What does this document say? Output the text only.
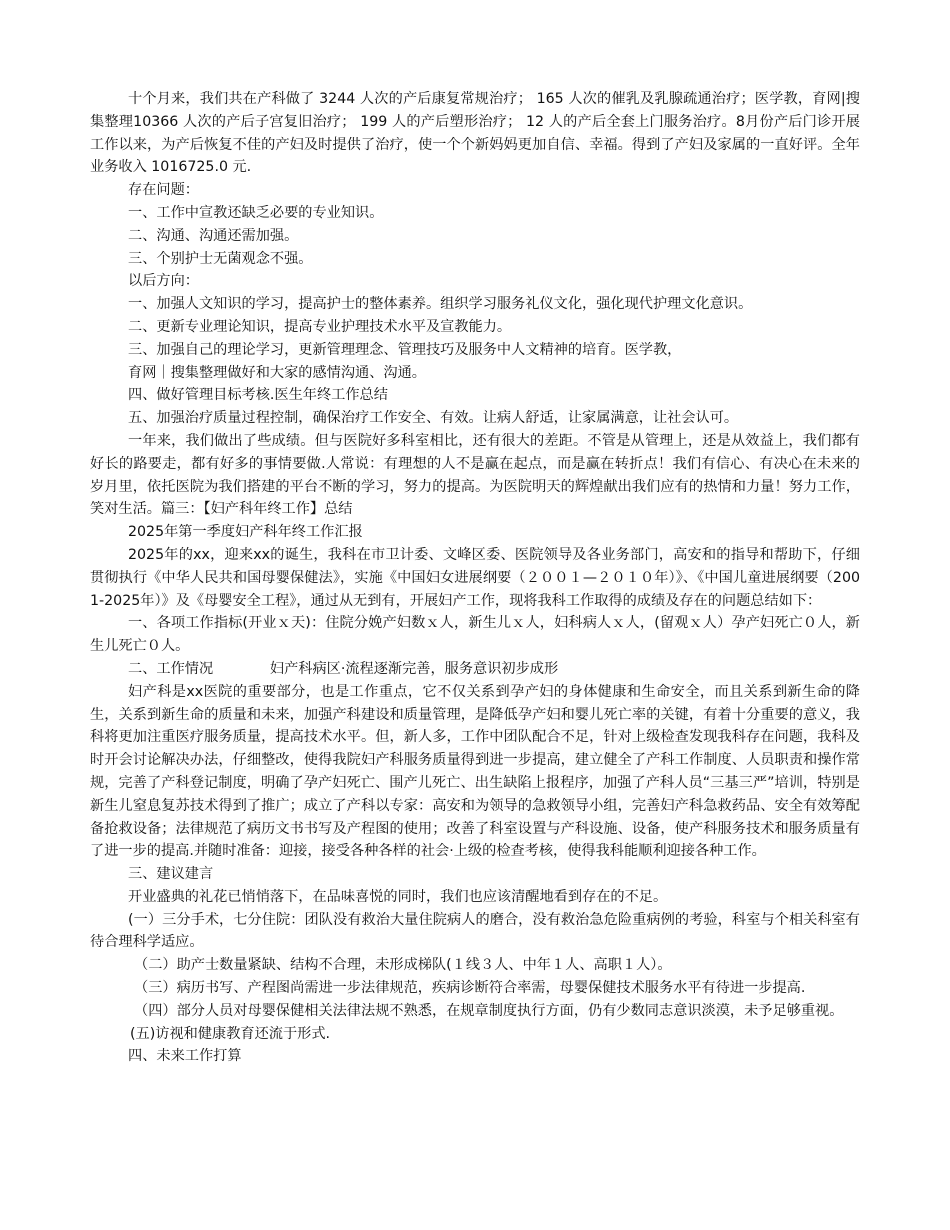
十个月来，我们共在产科做了 3244 人次的产后康复常规治疗； 165 人次的催乳及乳腺疏通治疗；医学教，育网|搜集整理10366 人次的产后子宫复旧治疗； 199 人的产后塑形治疗； 12 人的产后全套上门服务治疗。8月份产后门诊开展工作以来，为产后恢复不佳的产妇及时提供了治疗，使一个个新妈妈更加自信、幸福。得到了产妇及家属的一直好评。全年业务收入 1016725.0 元.

存在问题：

一、工作中宣教还缺乏必要的专业知识。

二、沟通、沟通还需加强。

三、个别护士无菌观念不强。

以后方向：

一、加强人文知识的学习，提高护士的整体素养。组织学习服务礼仪文化，强化现代护理文化意识。

二、更新专业理论知识，提高专业护理技术水平及宣教能力。

三、加强自己的理论学习，更新管理理念、管理技巧及服务中人文精神的培育。医学教，

育网｜搜集整理做好和大家的感情沟通、沟通。

四、做好管理目标考核.医生年终工作总结

五、加强治疗质量过程控制，确保治疗工作安全、有效。让病人舒适，让家属满意，让社会认可。

一年来，我们做出了些成绩。但与医院好多科室相比，还有很大的差距。不管是从管理上，还是从效益上，我们都有好长的路要走，都有好多的事情要做.人常说：有理想的人不是赢在起点，而是赢在转折点！我们有信心、有决心在未来的岁月里，依托医院为我们搭建的平台不断的学习，努力的提高。为医院明天的辉煌献出我们应有的热情和力量！努力工作，笑对生活。篇三：【妇产科年终工作】总结

2025年第一季度妇产科年终工作汇报

2025年的xx，迎来xx的诞生，我科在市卫计委、文峰区委、医院领导及各业务部门，高安和的指导和帮助下，仔细贯彻执行《中华人民共和国母婴保健法》，实施《中国妇女进展纲要（２００１—２０１０年）》、《中国儿童进展纲要（2001-2025年）》及《母婴安全工程》，通过从无到有，开展妇产工作，现将我科工作取得的成绩及存在的问题总结如下：

一、各项工作指标(开业ｘ天)：住院分娩产妇数ｘ人，新生儿ｘ人，妇科病人ｘ人，(留观ｘ人）孕产妇死亡０人，新生儿死亡０人。

二、工作情况　　　　妇产科病区·流程逐渐完善，服务意识初步成形

妇产科是xx医院的重要部分，也是工作重点，它不仅关系到孕产妇的身体健康和生命安全，而且关系到新生命的降生，关系到新生命的质量和未来，加强产科建设和质量管理，是降低孕产妇和婴儿死亡率的关键，有着十分重要的意义，我科将更加注重医疗服务质量，提高技术水平。但，新人多，工作中团队配合不足，针对上级检查发现我科存在问题，我科及时开会讨论解决办法，仔细整改，使得我院妇产科服务质量得到进一步提高，建立健全了产科工作制度、人员职责和操作常规，完善了产科登记制度，明确了孕产妇死亡、围产儿死亡、出生缺陷上报程序，加强了产科人员“三基三严”培训，特别是新生儿窒息复苏技术得到了推广；成立了产科以专家：高安和为领导的急救领导小组，完善妇产科急救药品、安全有效筹配备抢救设备；法律规范了病历文书书写及产程图的使用；改善了科室设置与产科设施、设备，使产科服务技术和服务质量有了进一步的提高.并随时准备：迎接，接受各种各样的社会·上级的检查考核，使得我科能顺利迎接各种工作。

三、建议建言

开业盛典的礼花已悄悄落下，在品味喜悦的同时，我们也应该清醒地看到存在的不足。

(一）三分手术，七分住院：团队没有救治大量住院病人的磨合，没有救治急危险重病例的考验，科室与个相关科室有待合理科学适应。

（二）助产士数量紧缺、结构不合理，未形成梯队(１线３人、中年１人、高职１人）。

（三）病历书写、产程图尚需进一步法律规范，疾病诊断符合率需，母婴保健技术服务水平有待进一步提高.

（四）部分人员对母婴保健相关法律法规不熟悉，在规章制度执行方面，仍有少数同志意识淡漠，未予足够重视。

(五)访视和健康教育还流于形式.

四、未来工作打算
